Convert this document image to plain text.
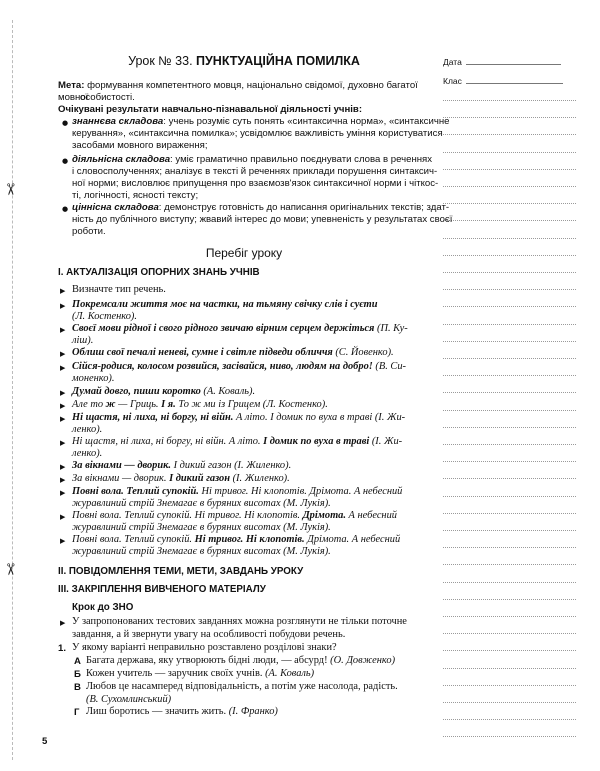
✂
✂
Урок № 33. ПУНКТУАЦІЙНА ПОМИЛКА	Дата
Клас
Мета: формування компетентного мовця, національно свідомої, духовно багатої мовної
особистості.
Очікувані результати навчально-пізнавальної діяльності учнів:
● знаннєва складова: учень розуміє суть понять «синтаксична норма», «синтаксичне
керування», «синтаксична помилка»; усвідомлює важливість уміння користуватися
засобами мовного вираження;
● діяльнісна складова: уміє граматично правильно поєднувати слова в реченнях
і словосполученнях; аналізує в тексті й реченнях приклади порушення синтаксич-
ної норми; висловлює припущення про взаємозв'язок синтаксичної норми і чіткос-
ті, логічності, ясності тексту;
● ціннісна складова: демонструє готовність до написання оригінальних текстів; здат-
ність до публічного виступу; жвавий інтерес до мови; упевненість у результатах своєї
роботи.
Перебіг уроку
І. АКТУАЛІЗАЦІЯ ОПОРНИХ ЗНАНЬ УЧНІВ
▶ Визначте тип речень.
▶ Покремсали життя моє на частки, на тьмяну свічку слів і суєти
(Л. Костенко).
▶ Своєї мови рідної і свого рідного звичаю вірним серцем держіться (П. Ку-
ліш).
▶ Облиш свої печалі неневі, сумне і світле підведи обличчя (С. Йовенко).
▶ Сійся-родися, колосом розвийся, засівайся, ниво, людям на добро! (В. Си-
моненко).
▶ Думай довго, пиши коротко (А. Коваль).
▶ Але то ж — Гриць. І я. То ж ми із Грицем (Л. Костенко).
▶ Ні щастя, ні лиха, ні боргу, ні війн. А літо. І домик по вуха в траві (І. Жи-
ленко).
▶ Ні щастя, ні лиха, ні боргу, ні війн. А літо. І домик по вуха в траві (І. Жи-
ленко).
▶ За вікнами — дворик. І дикий газон (І. Жиленко).
▶ За вікнами — дворик. І дикий газон (І. Жиленко).
▶ Повні вола. Теплий супокій. Ні тривог. Ні клопотів. Дрімота. А небесний
журавлиний стрій Знемагає в буряних висотах (М. Лукія).
▶ Повні вола. Теплий супокій. Ні тривог. Ні клопотів. Дрімота. А небесний
журавлиний стрій Знемагає в буряних висотах (М. Лукія).
▶ Повні вола. Теплий супокій. Ні тривог. Ні клопотів. Дрімота. А небесний
журавлиний стрій Знемагає в буряних висотах (М. Лукія).
ІІ. ПОВІДОМЛЕННЯ ТЕМИ, МЕТИ, ЗАВДАНЬ УРОКУ
ІІІ. ЗАКРІПЛЕННЯ ВИВЧЕНОГО МАТЕРІАЛУ
Крок до ЗНО
▶ У запропонованих тестових завданнях можна розглянути не тільки поточне
завдання, а й звернути увагу на особливості побудови речень.
1. У якому варіанті неправильно розставлено розділові знаки?
А Багата держава, яку утворюють бідні люди, — абсурд! (О. Довженко)
Б Кожен учитель — заручник своїх учнів. (А. Коваль)
В Любов це насамперед відповідальність, а потім уже насолода, радість.
(В. Сухомлинський)
Г Лиш боротись — значить жить. (І. Франко)
5
